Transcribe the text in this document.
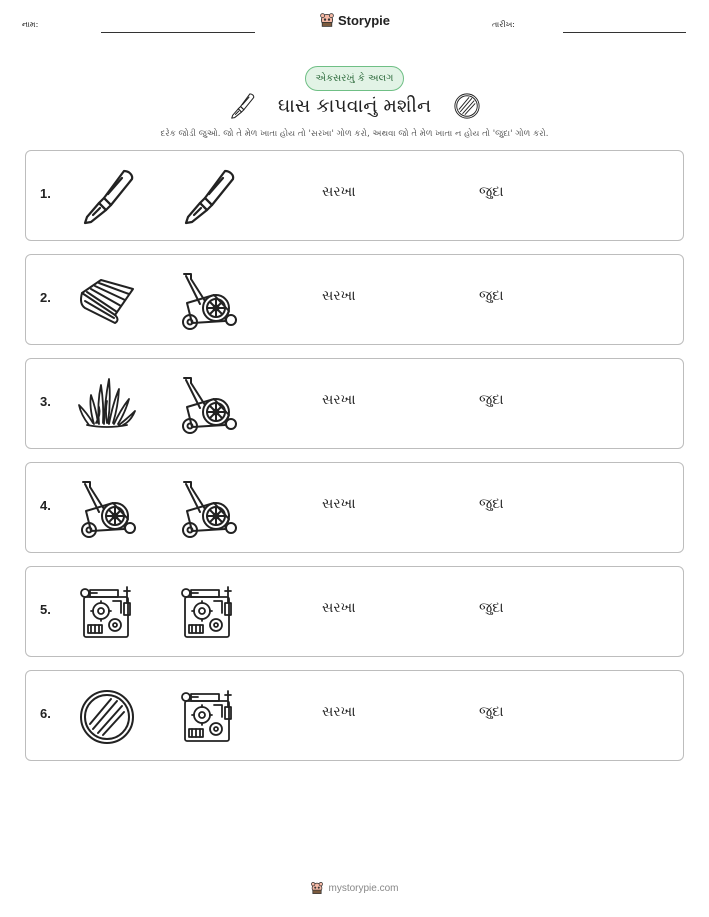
નામ:	Storypie	તારીખ:
એકસરખું કે અલગ
ઘાસ કાપવાનું મશીન
દરેક જોડી જુઓ. જો તે મેળ ખાતા હોય તો 'સરખા' ગોળ કરો, અથવા જો તે મેળ ખાતા ન હોય તો 'જુદા' ગોળ કરો.
1.	સરખા	જુદા
2.	સરખા	જુદા
3.	સરખા	જુદા
4.	સરખા	જુદા
5.	સરખા	જુદા
6.	સરખા	જુદા
mystorypie.com
